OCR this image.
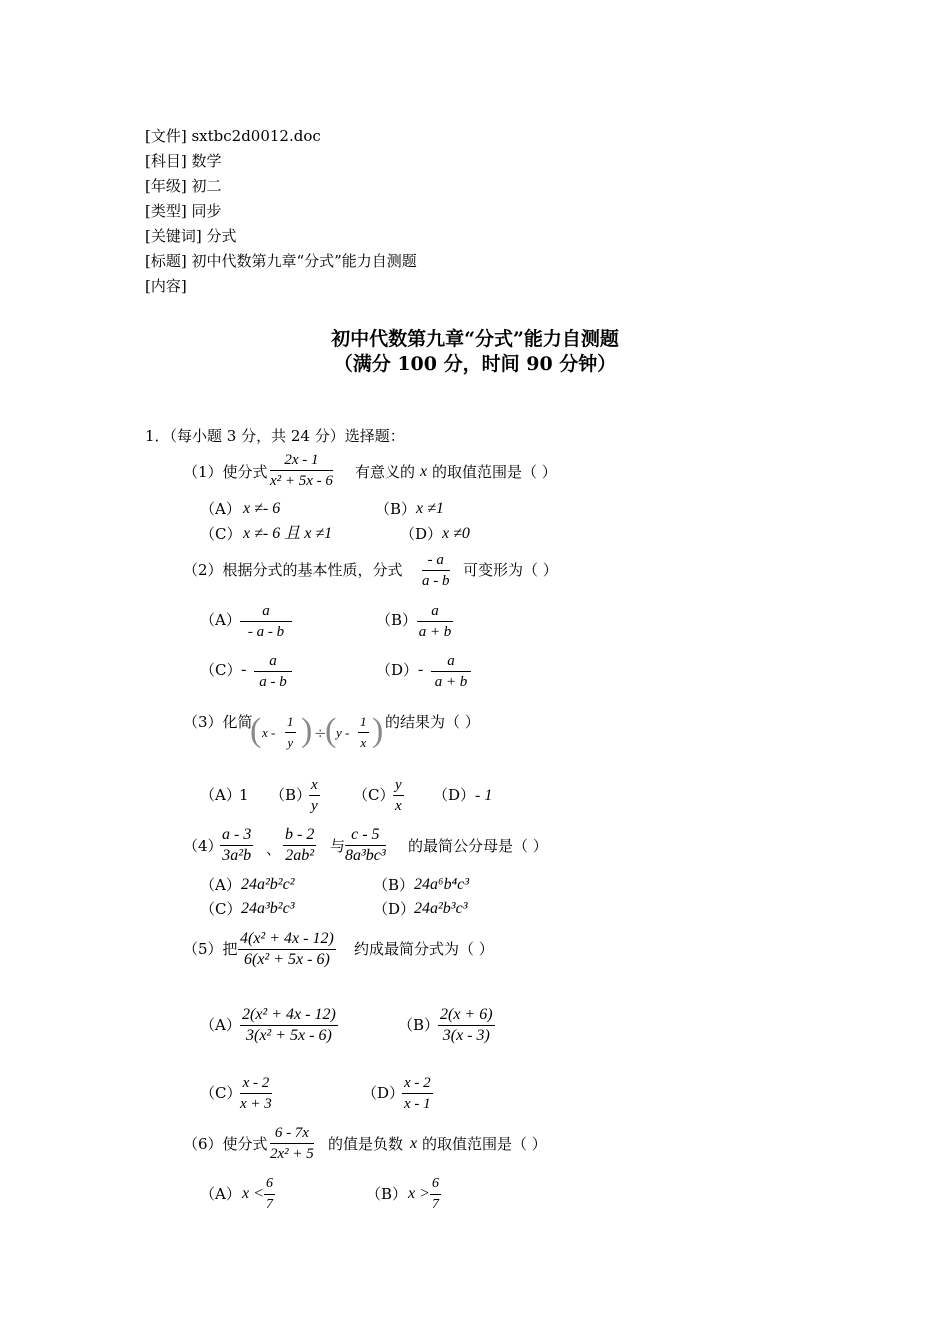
[文件] sxtbc2d0012.doc
[科目] 数学
[年级] 初二
[类型] 同步
[关键词] 分式
[标题] 初中代数第九章“分式”能力自测题
[内容]
初中代数第九章“分式”能力自测题
（满分 100 分，时间 90 分钟）
1．（每小题 3 分，共 24 分）选择题：
（1）使分式 $\frac{2x - 1}{\text{x² + 5x - 6}}$ 有意义的 x 的取值范围是（ ）
（A） x ≠- 6	（B） x ≠1
（C） x ≠- 6 且 x ≠1	（D） x ≠0
（2）根据分式的基本性质，分式 $\frac{- a}{a - b}$ 可变形为（ ）
$(A) \frac{a}{- a - b}$	$(B) \frac{a}{a + b}$
$(C) - \frac{a}{a - b}$	$(D) - \frac{a}{a + b}$
（3）化简
( x - $\frac{1}{y}$ ) ÷
( y - $\frac{1}{x}$ ) 的结果为（ ）
（A）
1 （B）
$\frac{x}{y} (C)$
$\frac{y}{x} (D) - 1$
（4）
$\frac{a - 3}{\text{3a²b}}$ 、 $\frac{b - 2}{\text{2ab²}}$ 与 $\frac{c - 5}{\text{8a³bc³}}$ 的最简公分母是（ ）
（A） 24a²b²c²	（B） 24a⁶b⁴c³
（C） 24a³b²c³	（D）
24a²b³c³
（5）把 $\frac{\text{4(x² + 4x - 12)}}{\text{6(x² + 5x - 6)}}$ 约成最简分式为（ ）
$(A) \frac{\text{2(x² + 4x - 12)}}{\text{3(x² + 5x - 6)}}$	（B）
$\frac{2(x + 6)}{3(x - 3)}$
（C）
$\frac{x - 2}{x + 3}$	（D）
$\frac{x - 2}{x - 1}$
（6）使分式 $\frac{6 - 7x}{\text{2x² + 5}}$ 的值是负数 x 的取值范围是（ ）
（A） $x < \frac{6}{7}$	（B） $x > \frac{6}{7}$
